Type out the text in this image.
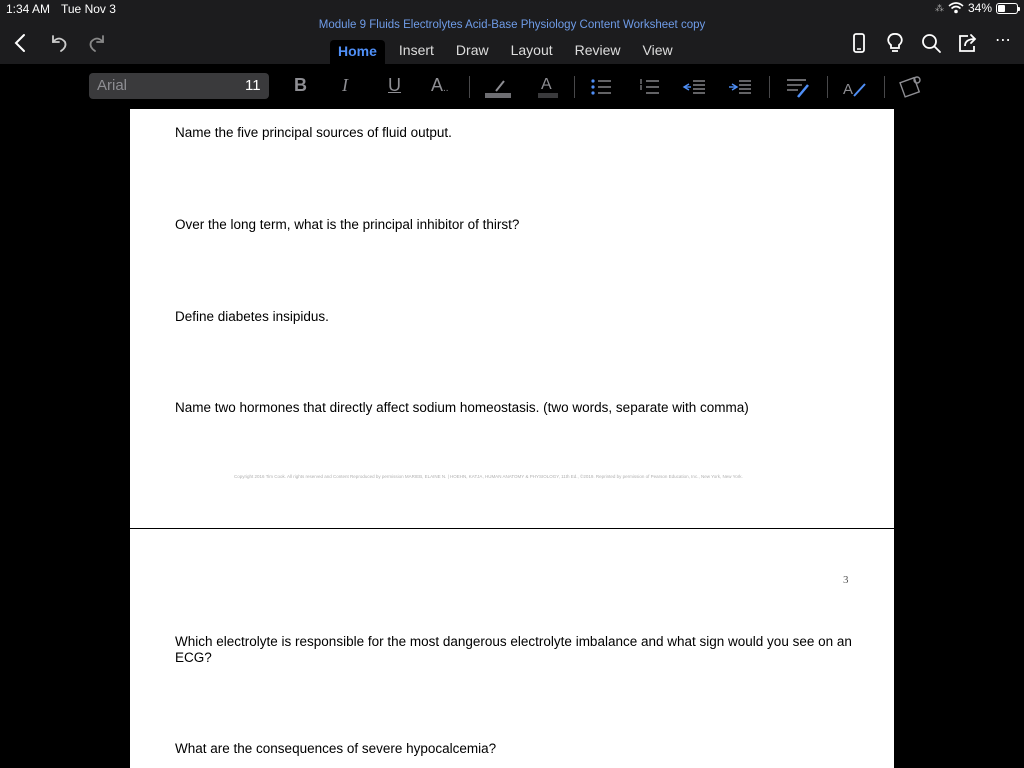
1:34 AM Tue Nov 3	⁂ 34%
Module 9 Fluids Electrolytes Acid-Base Physiology Content Worksheet copy
Home	Insert	Draw	Layout	Review	View
⋯
Arial	11 B I U A..	A	A
Name the five principal sources of fluid output.
Over the long term, what is the principal inhibitor of thirst?
Define diabetes insipidus.
Name two hormones that directly affect sodium homeostasis. (two words, separate with comma)
Copyright 2016 Tim Cook. All rights reserved and Content Reproduced by permission MARIEB, ELAINE N. | HOEHN, KATJA, HUMAN ANATOMY & PHYSIOLOGY, 11th Ed., ©2019. Reprinted by permission of Pearson Education, Inc., New York, New York.
3
Which electrolyte is responsible for the most dangerous electrolyte imbalance and what sign would you see on an ECG?
What are the consequences of severe hypocalcemia?
